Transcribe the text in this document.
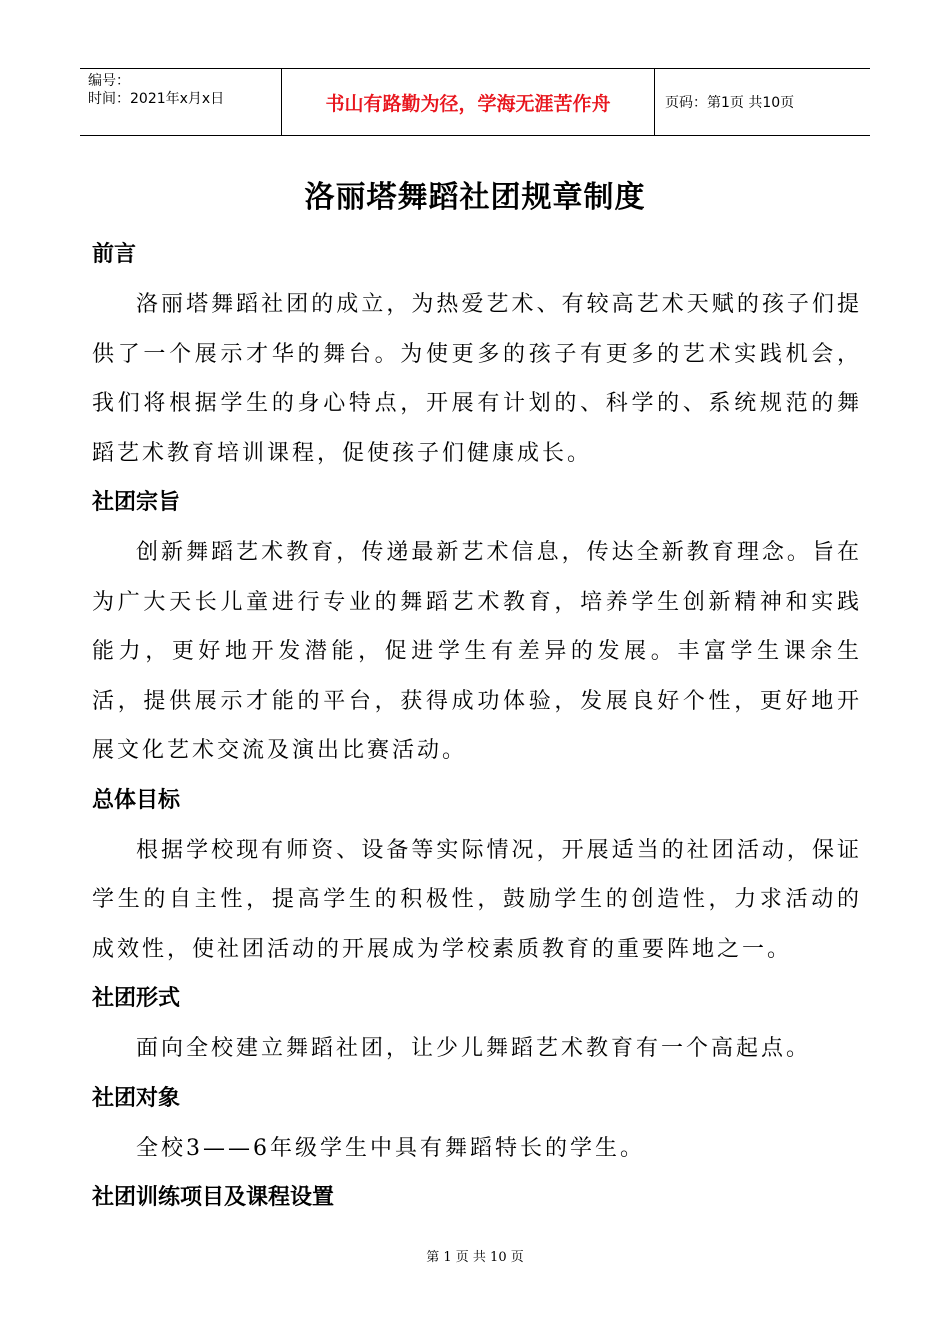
编号：
时间：2021年x月x日	书山有路勤为径，学海无涯苦作舟	页码：第1页 共10页
洛丽塔舞蹈社团规章制度
前言

洛丽塔舞蹈社团的成立，为热爱艺术、有较高艺术天赋的孩子们提供了一个展示才华的舞台。为使更多的孩子有更多的艺术实践机会，我们将根据学生的身心特点，开展有计划的、科学的、系统规范的舞蹈艺术教育培训课程，促使孩子们健康成长。

社团宗旨

创新舞蹈艺术教育，传递最新艺术信息，传达全新教育理念。旨在为广大天长儿童进行专业的舞蹈艺术教育，培养学生创新精神和实践能力，更好地开发潜能，促进学生有差异的发展。丰富学生课余生活，提供展示才能的平台，获得成功体验，发展良好个性，更好地开展文化艺术交流及演出比赛活动。

总体目标

根据学校现有师资、设备等实际情况，开展适当的社团活动，保证学生的自主性，提高学生的积极性，鼓励学生的创造性，力求活动的成效性，使社团活动的开展成为学校素质教育的重要阵地之一。

社团形式

面向全校建立舞蹈社团，让少儿舞蹈艺术教育有一个高起点。

社团对象

全校3——6年级学生中具有舞蹈特长的学生。

社团训练项目及课程设置
第 1 页 共 10 页
